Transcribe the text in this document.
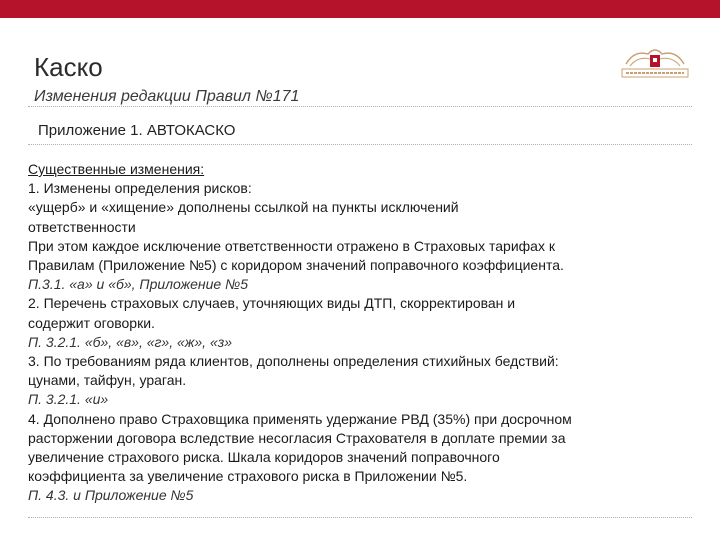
Каско
Изменения редакции Правил №171
Приложение 1. АВТОКАСКО
Существенные изменения:
1. Изменены определения рисков:
«ущерб» и «хищение» дополнены ссылкой на пункты исключений
ответственности
При этом каждое исключение ответственности отражено в Страховых тарифах к
Правилам (Приложение №5) с коридором значений поправочного коэффициента.
П.3.1. «а» и «б», Приложение №5
2. Перечень страховых случаев, уточняющих виды ДТП, скорректирован и
содержит оговорки.
П. 3.2.1. «б», «в», «г», «ж», «з»
3. По требованиям ряда клиентов, дополнены определения стихийных бедствий:
цунами, тайфун, ураган.
П. 3.2.1. «и»
4. Дополнено право Страховщика применять удержание РВД (35%) при досрочном
расторжении договора вследствие несогласия Страхователя в доплате премии за
увеличение страхового риска. Шкала коридоров значений поправочного
коэффициента за увеличение страхового риска в Приложении №5.
П. 4.3. и Приложение №5
